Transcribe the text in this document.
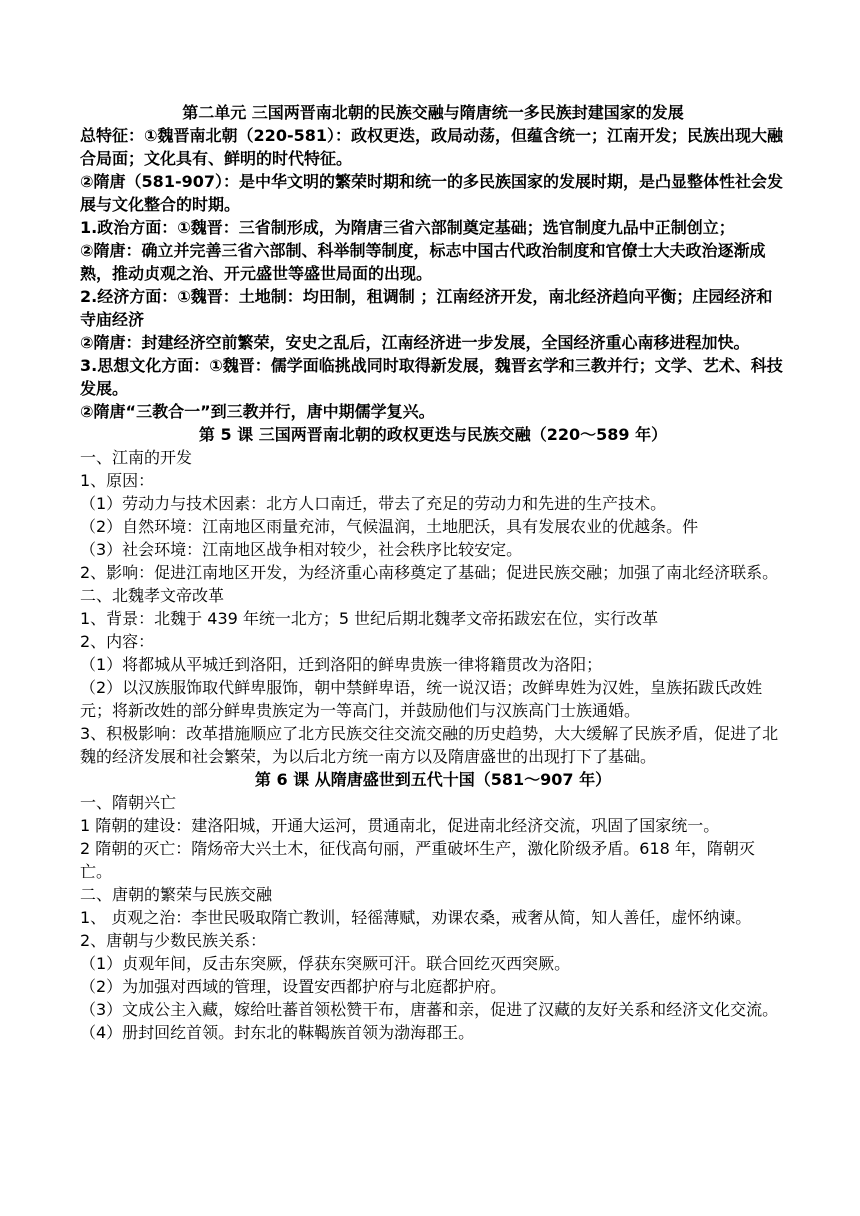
第二单元 三国两晋南北朝的民族交融与隋唐统一多民族封建国家的发展

总特征：①魏晋南北朝（220-581）：政权更迭，政局动荡，但蕴含统一；江南开发；民族出现大融合局面；文化具有、鲜明的时代特征。

②隋唐（581-907）：是中华文明的繁荣时期和统一的多民族国家的发展时期，是凸显整体性社会发展与文化整合的时期。

1.政治方面：①魏晋：三省制形成，为隋唐三省六部制奠定基础；选官制度九品中正制创立；

②隋唐：确立并完善三省六部制、科举制等制度，标志中国古代政治制度和官僚士大夫政治逐渐成熟，推动贞观之治、开元盛世等盛世局面的出现。

2.经济方面：①魏晋：土地制：均田制，租调制 ；江南经济开发，南北经济趋向平衡；庄园经济和寺庙经济

②隋唐：封建经济空前繁荣，安史之乱后，江南经济进一步发展，全国经济重心南移进程加快。

3.思想文化方面：①魏晋：儒学面临挑战同时取得新发展，魏晋玄学和三教并行；文学、艺术、科技发展。

②隋唐“三教合一”到三教并行，唐中期儒学复兴。

第 5 课 三国两晋南北朝的政权更迭与民族交融（220～589 年）

一、江南的开发

1、原因：

（1）劳动力与技术因素：北方人口南迁，带去了充足的劳动力和先进的生产技术。

（2）自然环境：江南地区雨量充沛，气候温润，土地肥沃，具有发展农业的优越条。件

（3）社会环境：江南地区战争相对较少，社会秩序比较安定。

2、影响：促进江南地区开发，为经济重心南移奠定了基础；促进民族交融；加强了南北经济联系。

二、北魏孝文帝改革

1、背景：北魏于 439 年统一北方；5 世纪后期北魏孝文帝拓跋宏在位，实行改革

2、内容：

（1）将都城从平城迁到洛阳，迁到洛阳的鲜卑贵族一律将籍贯改为洛阳；

（2）以汉族服饰取代鲜卑服饰，朝中禁鲜卑语，统一说汉语；改鲜卑姓为汉姓，皇族拓跋氏改姓元；将新改姓的部分鲜卑贵族定为一等高门，并鼓励他们与汉族高门士族通婚。

3、积极影响：改革措施顺应了北方民族交往交流交融的历史趋势，大大缓解了民族矛盾，促进了北魏的经济发展和社会繁荣，为以后北方统一南方以及隋唐盛世的出现打下了基础。

第 6 课 从隋唐盛世到五代十国（581～907 年）

一、隋朝兴亡

1 隋朝的建设：建洛阳城，开通大运河，贯通南北，促进南北经济交流，巩固了国家统一。

2 隋朝的灭亡：隋炀帝大兴土木，征伐高句丽，严重破坏生产，激化阶级矛盾。618 年，隋朝灭亡。

二、唐朝的繁荣与民族交融

1、 贞观之治：李世民吸取隋亡教训，轻徭薄赋，劝课农桑，戒奢从简，知人善任，虚怀纳谏。

2、唐朝与少数民族关系：

（1）贞观年间，反击东突厥，俘获东突厥可汗。联合回纥灭西突厥。

（2）为加强对西域的管理，设置安西都护府与北庭都护府。

（3）文成公主入藏，嫁给吐蕃首领松赞干布，唐蕃和亲，促进了汉藏的友好关系和经济文化交流。

（4）册封回纥首领。封东北的靺鞨族首领为渤海郡王。
